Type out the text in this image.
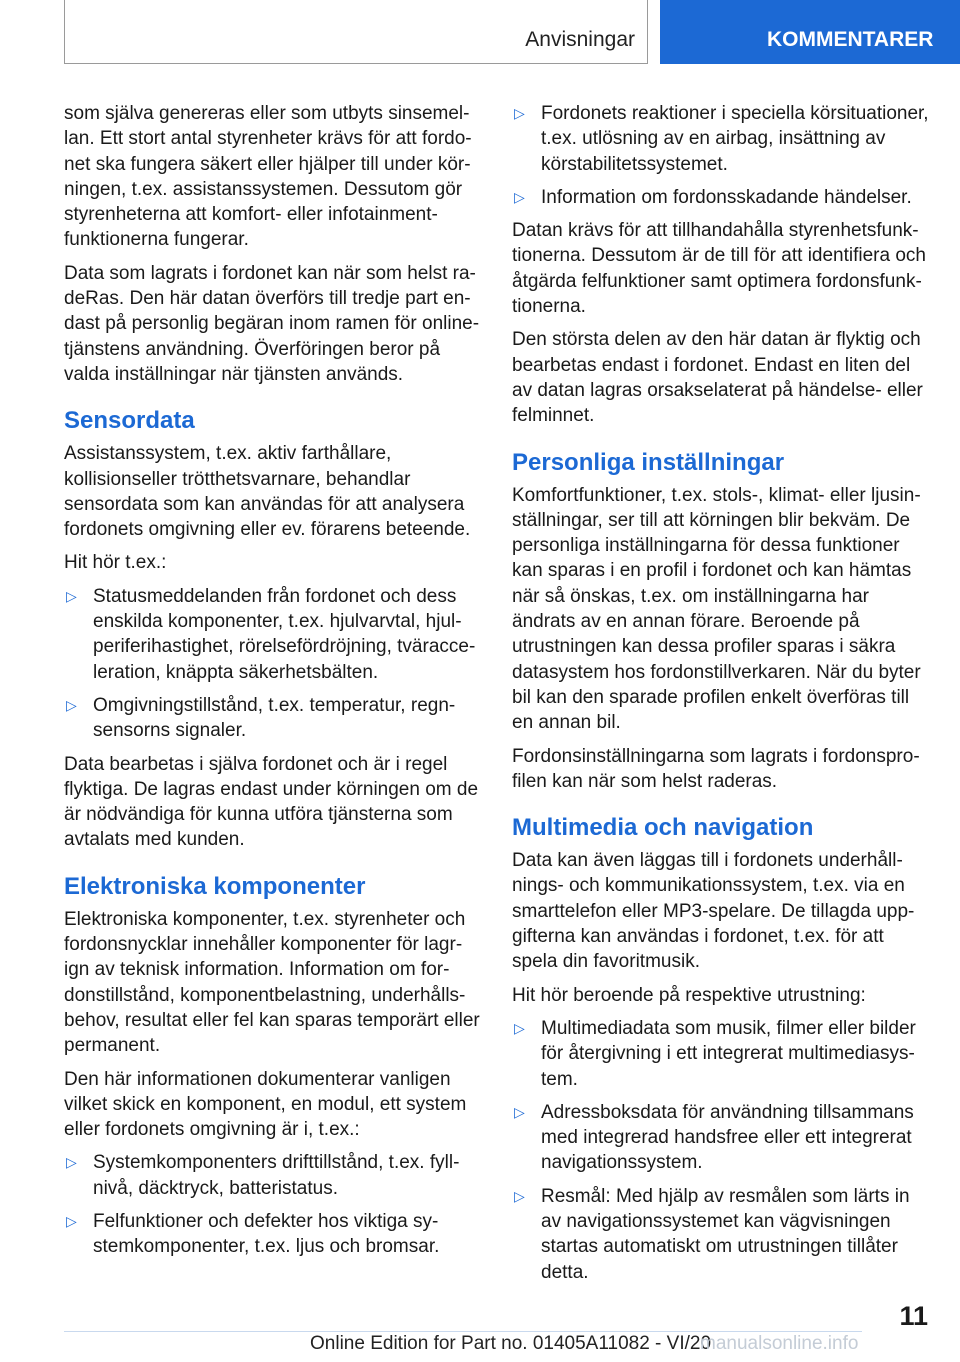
Anvisningar	KOMMENTARER

som själva genereras eller som utbyts sinsemellan. Ett stort antal styrenheter krävs för att fordonet ska fungera säkert eller hjälper till under körningen, t.ex. assistanssystemen. Dessutom gör styrenheterna att komfort- eller infotainmentfunktionerna fungerar.

Data som lagrats i fordonet kan när som helst radeRas. Den här datan överförs till tredje part endast på personlig begäran inom ramen för onlinetjänstens användning. Överföringen beror på valda inställningar när tjänsten används.

Sensordata

Assistanssystem, t.ex. aktiv farthållare, kollisionseller trötthetsvarnare, behandlar sensordata som kan användas för att analysera fordonets omgivning eller ev. förarens beteende.

Hit hör t.ex.:

▷ Statusmeddelanden från fordonet och dess enskilda komponenter, t.ex. hjulvarvtal, hjulperiferihastighet, rörelsefördröjning, tväracceleration, knäppta säkerhetsbälten.
▷ Omgivningstillstånd, t.ex. temperatur, regnsensorns signaler.

Data bearbetas i själva fordonet och är i regel flyktiga. De lagras endast under körningen om de är nödvändiga för kunna utföra tjänsterna som avtalats med kunden.

Elektroniska komponenter

Elektroniska komponenter, t.ex. styrenheter och fordonsnycklar innehåller komponenter för lagrign av teknisk information. Information om fordonstillstånd, komponentbelastning, underhållsbehov, resultat eller fel kan sparas temporärt eller permanent.

Den här informationen dokumenterar vanligen vilket skick en komponent, en modul, ett system eller fordonets omgivning är i, t.ex.:

▷ Systemkomponenters drifttillstånd, t.ex. fyllnivå, däcktryck, batteristatus.
▷ Felfunktioner och defekter hos viktiga systemkomponenter, t.ex. ljus och bromsar.
▷ Fordonets reaktioner i speciella körsituationer, t.ex. utlösning av en airbag, insättning av körstabilitetssystemet.
▷ Information om fordonsskadande händelser.

Datan krävs för att tillhandahålla styrenhetsfunktionerna. Dessutom är de till för att identifiera och åtgärda felfunktioner samt optimera fordonsfunktionerna.

Den största delen av den här datan är flyktig och bearbetas endast i fordonet. Endast en liten del av datan lagras orsakselaterat på händelse- eller felminnet.

Personliga inställningar

Komfortfunktioner, t.ex. stols-, klimat- eller ljusinställningar, ser till att körningen blir bekväm. De personliga inställningarna för dessa funktioner kan sparas i en profil i fordonet och kan hämtas när så önskas, t.ex. om inställningarna har ändrats av en annan förare. Beroende på utrustningen kan dessa profiler sparas i säkra datasystem hos fordonstillverkaren. När du byter bil kan den sparade profilen enkelt överföras till en annan bil.

Fordonsinställningarna som lagrats i fordonsprofilen kan när som helst raderas.

Multimedia och navigation

Data kan även läggas till i fordonets underhållnings- och kommunikationssystem, t.ex. via en smarttelefon eller MP3-spelare. De tillagda uppgifterna kan användas i fordonet, t.ex. för att spela din favoritmusik.

Hit hör beroende på respektive utrustning:

▷ Multimediadata som musik, filmer eller bilder för återgivning i ett integrerat multimediasystem.
▷ Adressboksdata för användning tillsammans med integrerad handsfree eller ett integrerat navigationssystem.
▷ Resmål: Med hjälp av resmålen som lärts in av navigationssystemet kan vägvisningen startas automatiskt om utrustningen tillåter detta.
11
Online Edition for Part no. 01405A11082 - VI/20
manualsonline.info
